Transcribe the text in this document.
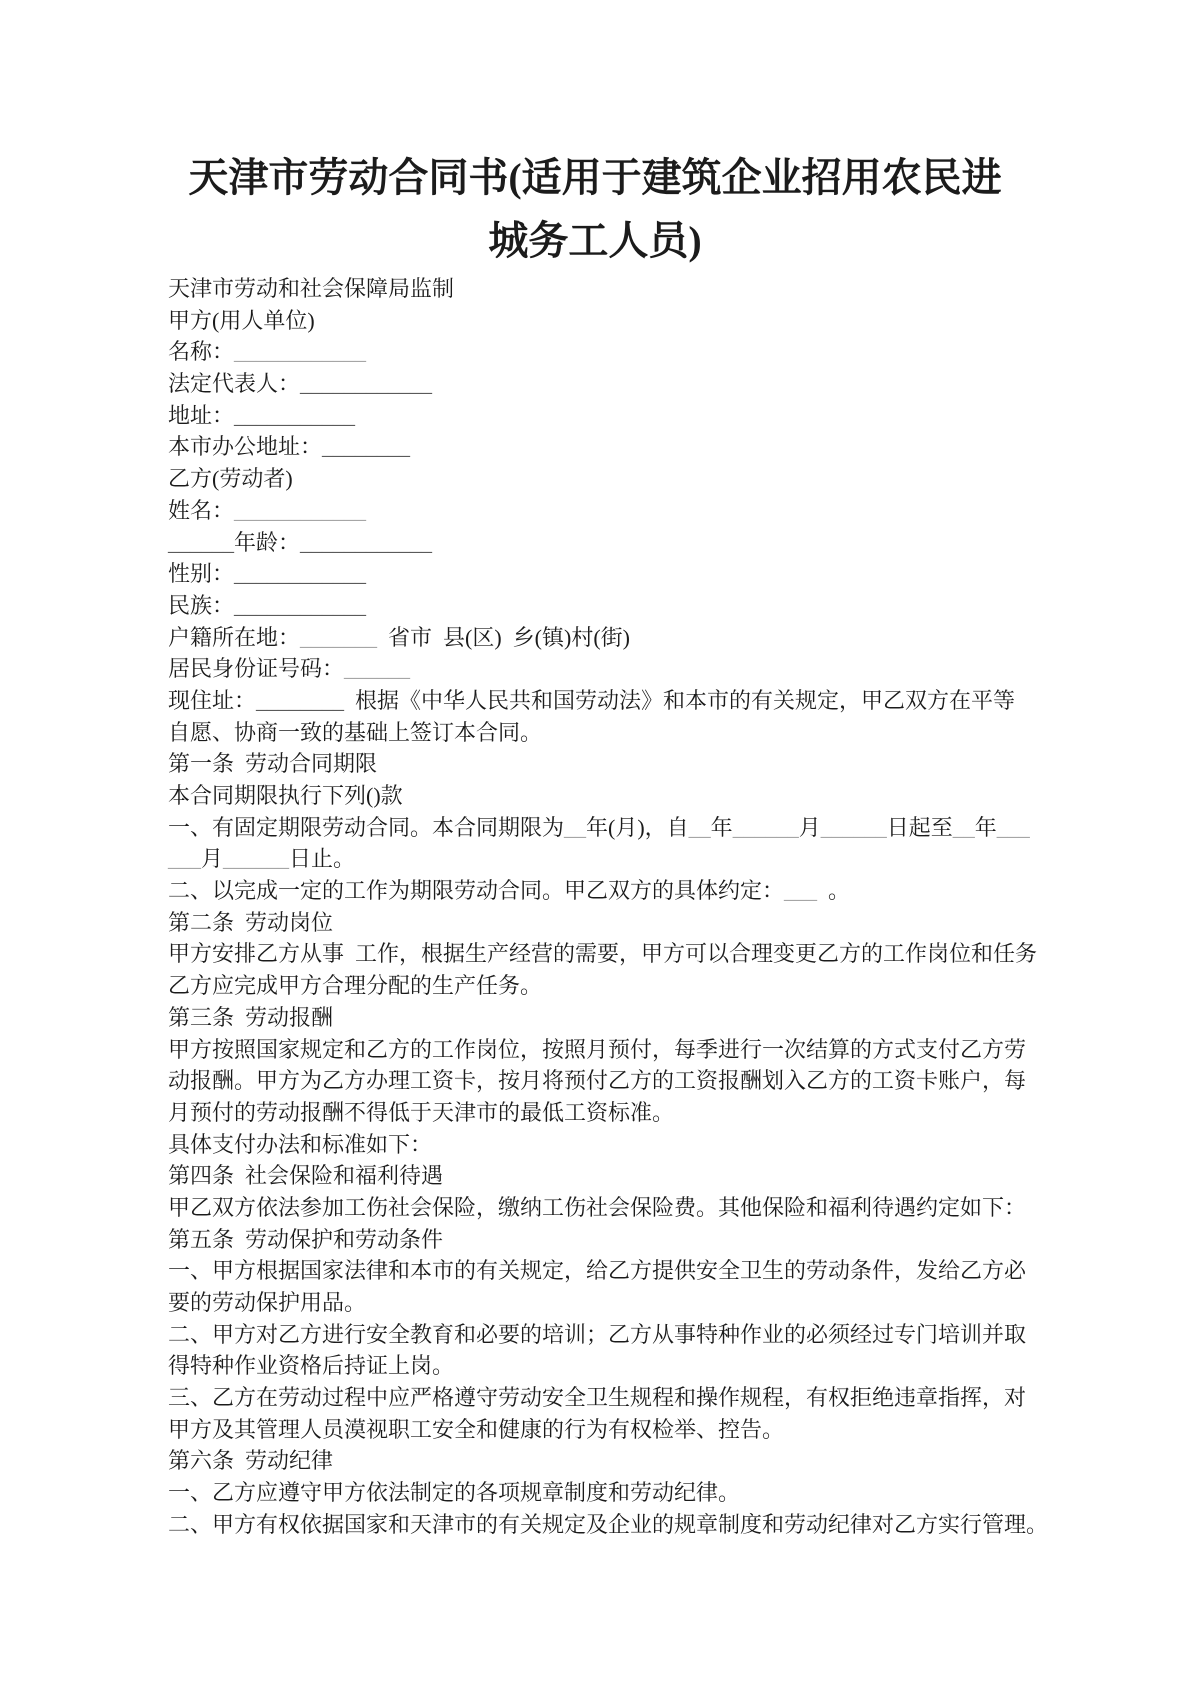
天津市劳动合同书(适用于建筑企业招用农民进城务工人员)
天津市劳动和社会保障局监制
甲方(用人单位)
名称：____________
法定代表人：____________
地址：___________
本市办公地址：________
乙方(劳动者)
姓名：____________
______年龄：____________
性别：____________
民族：____________
户籍所在地：_______  省市  县(区)  乡(镇)村(街)
居民身份证号码：______
现住址：________  根据《中华人民共和国劳动法》和本市的有关规定，甲乙双方在平等
自愿、协商一致的基础上签订本合同。
第一条  劳动合同期限
本合同期限执行下列()款
一、有固定期限劳动合同。本合同期限为__年(月)，自__年______月______日起至__年___
___月______日止。
二、以完成一定的工作为期限劳动合同。甲乙双方的具体约定：___  。
第二条  劳动岗位
甲方安排乙方从事  工作，根据生产经营的需要，甲方可以合理变更乙方的工作岗位和任务
乙方应完成甲方合理分配的生产任务。
第三条  劳动报酬
甲方按照国家规定和乙方的工作岗位，按照月预付，每季进行一次结算的方式支付乙方劳
动报酬。甲方为乙方办理工资卡，按月将预付乙方的工资报酬划入乙方的工资卡账户，每
月预付的劳动报酬不得低于天津市的最低工资标准。
具体支付办法和标准如下：
第四条  社会保险和福利待遇
甲乙双方依法参加工伤社会保险，缴纳工伤社会保险费。其他保险和福利待遇约定如下：
第五条  劳动保护和劳动条件
一、甲方根据国家法律和本市的有关规定，给乙方提供安全卫生的劳动条件，发给乙方必
要的劳动保护用品。
二、甲方对乙方进行安全教育和必要的培训；乙方从事特种作业的必须经过专门培训并取
得特种作业资格后持证上岗。
三、乙方在劳动过程中应严格遵守劳动安全卫生规程和操作规程，有权拒绝违章指挥，对
甲方及其管理人员漠视职工安全和健康的行为有权检举、控告。
第六条  劳动纪律
一、乙方应遵守甲方依法制定的各项规章制度和劳动纪律。
二、甲方有权依据国家和天津市的有关规定及企业的规章制度和劳动纪律对乙方实行管理。
